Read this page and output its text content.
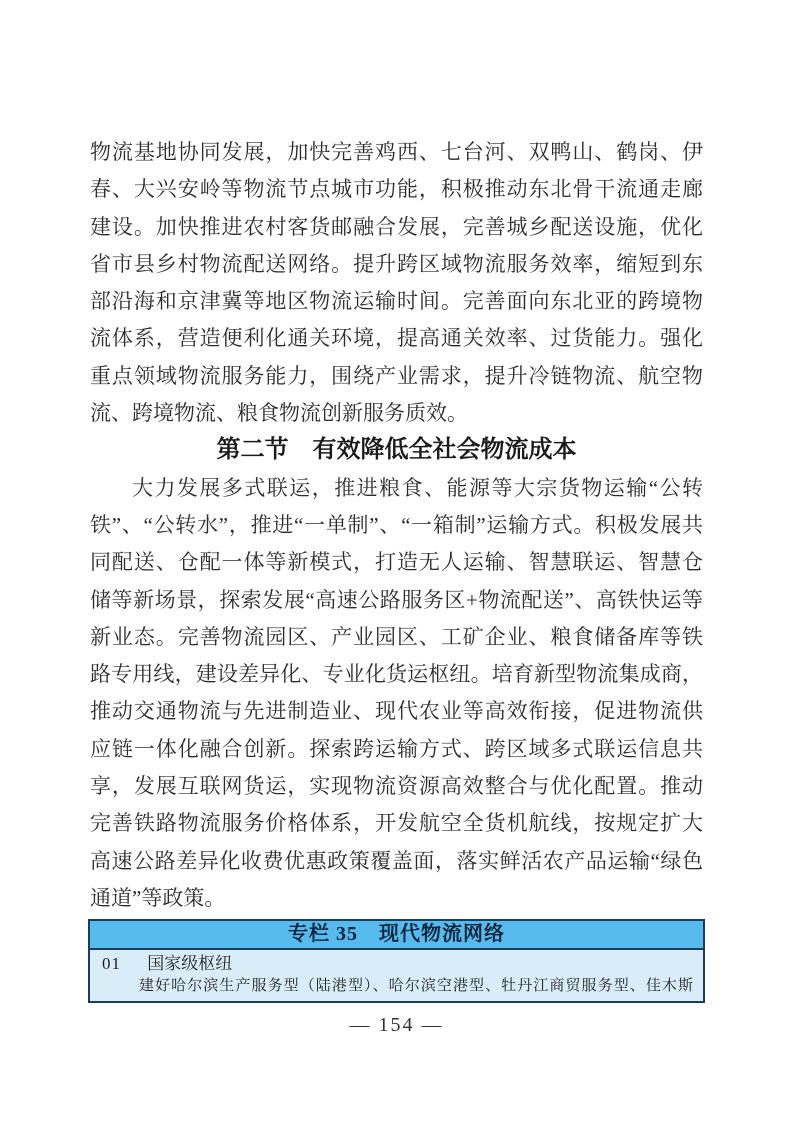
物流基地协同发展，加快完善鸡西、七台河、双鸭山、鹤岗、伊
春、大兴安岭等物流节点城市功能，积极推动东北骨干流通走廊
建设。加快推进农村客货邮融合发展，完善城乡配送设施，优化
省市县乡村物流配送网络。提升跨区域物流服务效率，缩短到东
部沿海和京津冀等地区物流运输时间。完善面向东北亚的跨境物
流体系，营造便利化通关环境，提高通关效率、过货能力。强化
重点领域物流服务能力，围绕产业需求，提升冷链物流、航空物
流、跨境物流、粮食物流创新服务质效。
第二节　有效降低全社会物流成本
大力发展多式联运，推进粮食、能源等大宗货物运输“公转
铁”、“公转水”，推进“一单制”、“一箱制”运输方式。积极发展共
同配送、仓配一体等新模式，打造无人运输、智慧联运、智慧仓
储等新场景，探索发展“高速公路服务区+物流配送”、高铁快运等
新业态。完善物流园区、产业园区、工矿企业、粮食储备库等铁
路专用线，建设差异化、专业化货运枢纽。培育新型物流集成商，
推动交通物流与先进制造业、现代农业等高效衔接，促进物流供
应链一体化融合创新。探索跨运输方式、跨区域多式联运信息共
享，发展互联网货运，实现物流资源高效整合与优化配置。推动
完善铁路物流服务价格体系，开发航空全货机航线，按规定扩大
高速公路差异化收费优惠政策覆盖面，落实鲜活农产品运输“绿色
通道”等政策。
专栏 35　现代物流网络
01 国家级枢纽
建好哈尔滨生产服务型（陆港型）、哈尔滨空港型、牡丹江商贸服务型、佳木斯
— 154 —
